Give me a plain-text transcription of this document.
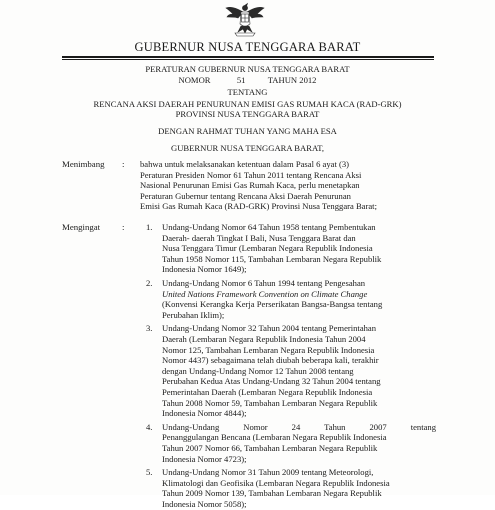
GUBERNUR NUSA TENGGARA BARAT
PERATURAN GUBERNUR NUSA TENGGARA BARAT
NOMOR	51	TAHUN 2012
TENTANG
RENCANA AKSI DAERAH PENURUNAN EMISI GAS RUMAH KACA (RAD-GRK)
PROVINSI NUSA TENGGARA BARAT
DENGAN RAHMAT TUHAN YANG MAHA ESA
GUBERNUR NUSA TENGGARA BARAT,
Menimbang : bahwa untuk melaksanakan ketentuan dalam Pasal 6 ayat (3)
Peraturan Presiden Nomor 61 Tahun 2011 tentang Rencana Aksi
Nasional Penurunan Emisi Gas Rumah Kaca, perlu menetapkan
Peraturan Gubernur tentang Rencana Aksi Daerah Penurunan
Emisi Gas Rumah Kaca (RAD-GRK) Provinsi Nusa Tenggara Barat;
Mengingat :	1. Undang-Undang Nomor 64 Tahun 1958 tentang Pembentukan
Daerah- daerah Tingkat I Bali, Nusa Tenggara Barat dan
Nusa Tenggara Timur (Lembaran Negara Republik Indonesia
Tahun 1958 Nomor 115, Tambahan Lembaran Negara Republik
Indonesia Nomor 1649);
2. Undang-Undang Nomor 6 Tahun 1994 tentang Pengesahan
United Nations Framework Convention on Climate Change
(Konvensi Kerangka Kerja Perserikatan Bangsa-Bangsa tentang
Perubahan Iklim);
3. Undang-Undang Nomor 32 Tahun 2004 tentang Pemerintahan
Daerah (Lembaran Negara Republik Indonesia Tahun 2004
Nomor 125, Tambahan Lembaran Negara Republik Indonesia
Nomor 4437) sebagaimana telah diubah beberapa kali, terakhir
dengan Undang-Undang Nomor 12 Tahun 2008 tentang
Perubahan Kedua Atas Undang-Undang 32 Tahun 2004 tentang
Pemerintahan Daerah (Lembaran Negara Republik Indonesia
Tahun 2008 Nomor 59, Tambahan Lembaran Negara Republik
Indonesia Nomor 4844);
4. Undang-Undang Nomor 24 Tahun 2007 tentang
Penanggulangan Bencana (Lembaran Negara Republik Indonesia
Tahun 2007 Nomor 66, Tambahan Lembaran Negara Republik
Indonesia Nomor 4723);
5. Undang-Undang Nomor 31 Tahun 2009 tentang Meteorologi,
Klimatologi dan Geofisika (Lembaran Negara Republik Indonesia
Tahun 2009 Nomor 139, Tambahan Lembaran Negara Republik
Indonesia Nomor 5058);
